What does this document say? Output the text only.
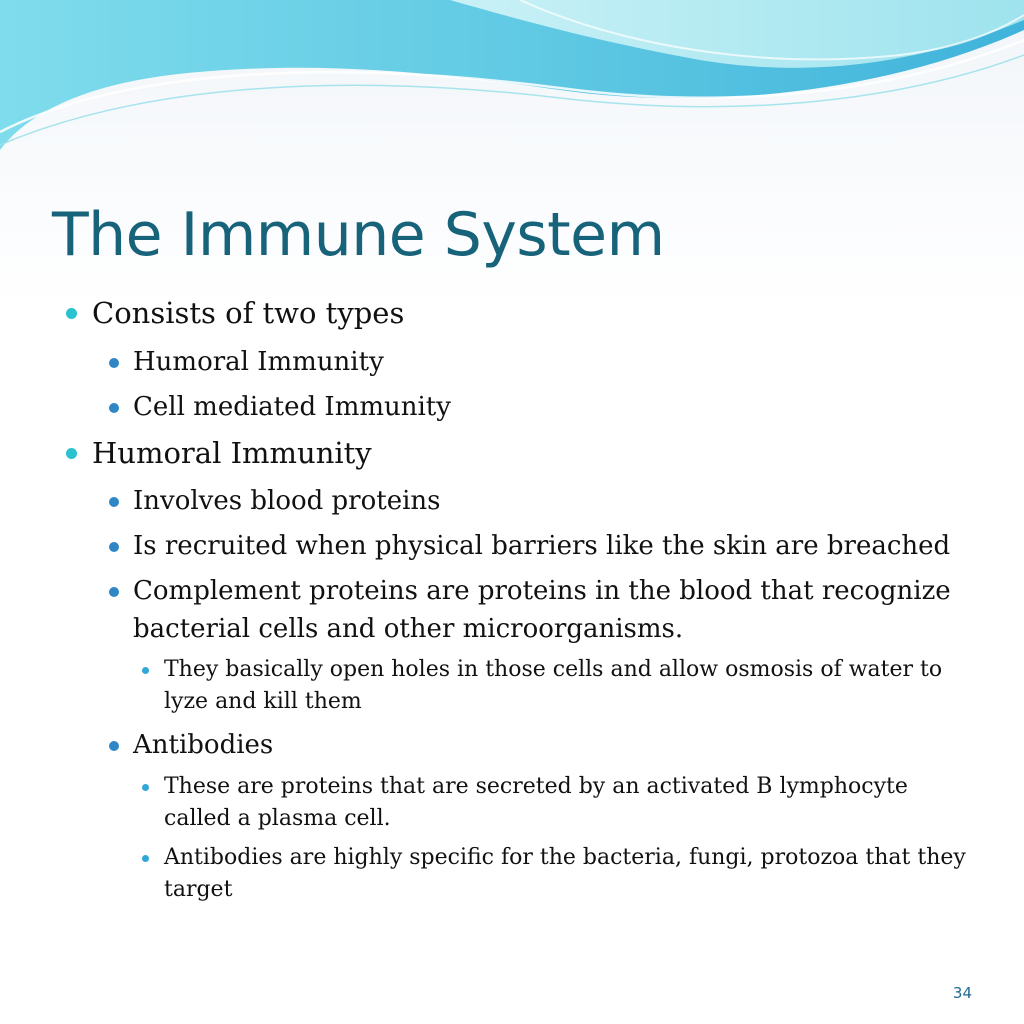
The Immune System

Consists of two types

Humoral Immunity

Cell mediated Immunity

Humoral Immunity

Involves blood proteins

Is recruited when physical barriers like the skin are breached

Complement proteins are proteins in the blood that recognize bacterial cells and other microorganisms.

They basically open holes in those cells and allow osmosis of water to lyze and kill them

Antibodies

These are proteins that are secreted by an activated B lymphocyte called a plasma cell.

Antibodies are highly specific for the bacteria, fungi, protozoa that they target

34
